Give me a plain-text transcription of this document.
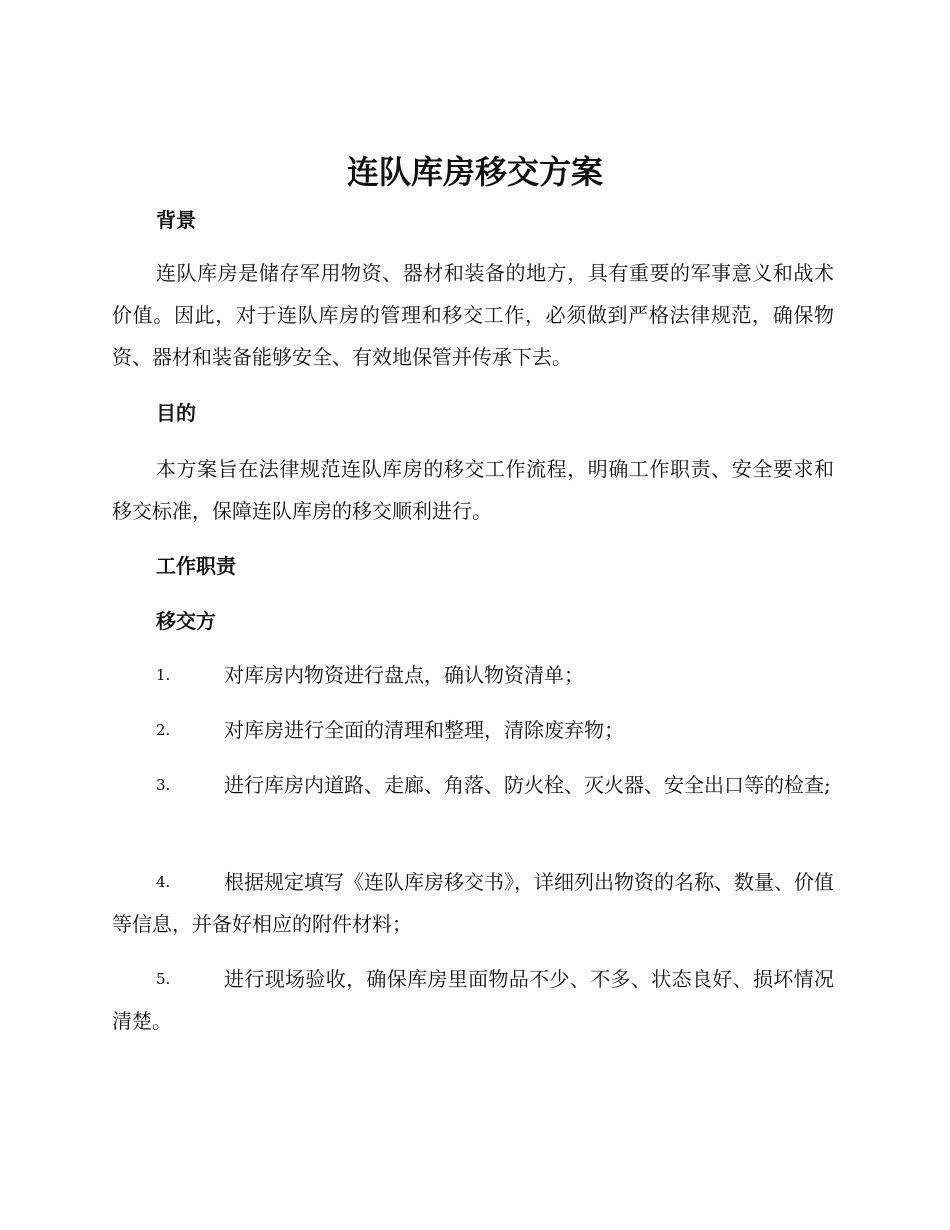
连队库房移交方案
背景
连队库房是储存军用物资、器材和装备的地方，具有重要的军事意义和战术价值。因此，对于连队库房的管理和移交工作，必须做到严格法律规范，确保物资、器材和装备能够安全、有效地保管并传承下去。
目的
本方案旨在法律规范连队库房的移交工作流程，明确工作职责、安全要求和移交标准，保障连队库房的移交顺利进行。
工作职责
移交方
1.	对库房内物资进行盘点，确认物资清单；
2.	对库房进行全面的清理和整理，清除废弃物；
3.	进行库房内道路、走廊、角落、防火栓、灭火器、安全出口等的检查;
4.	根据规定填写《连队库房移交书》，详细列出物资的名称、数量、价值等信息，并备好相应的附件材料；
5.	进行现场验收，确保库房里面物品不少、不多、状态良好、损坏情况清楚。
